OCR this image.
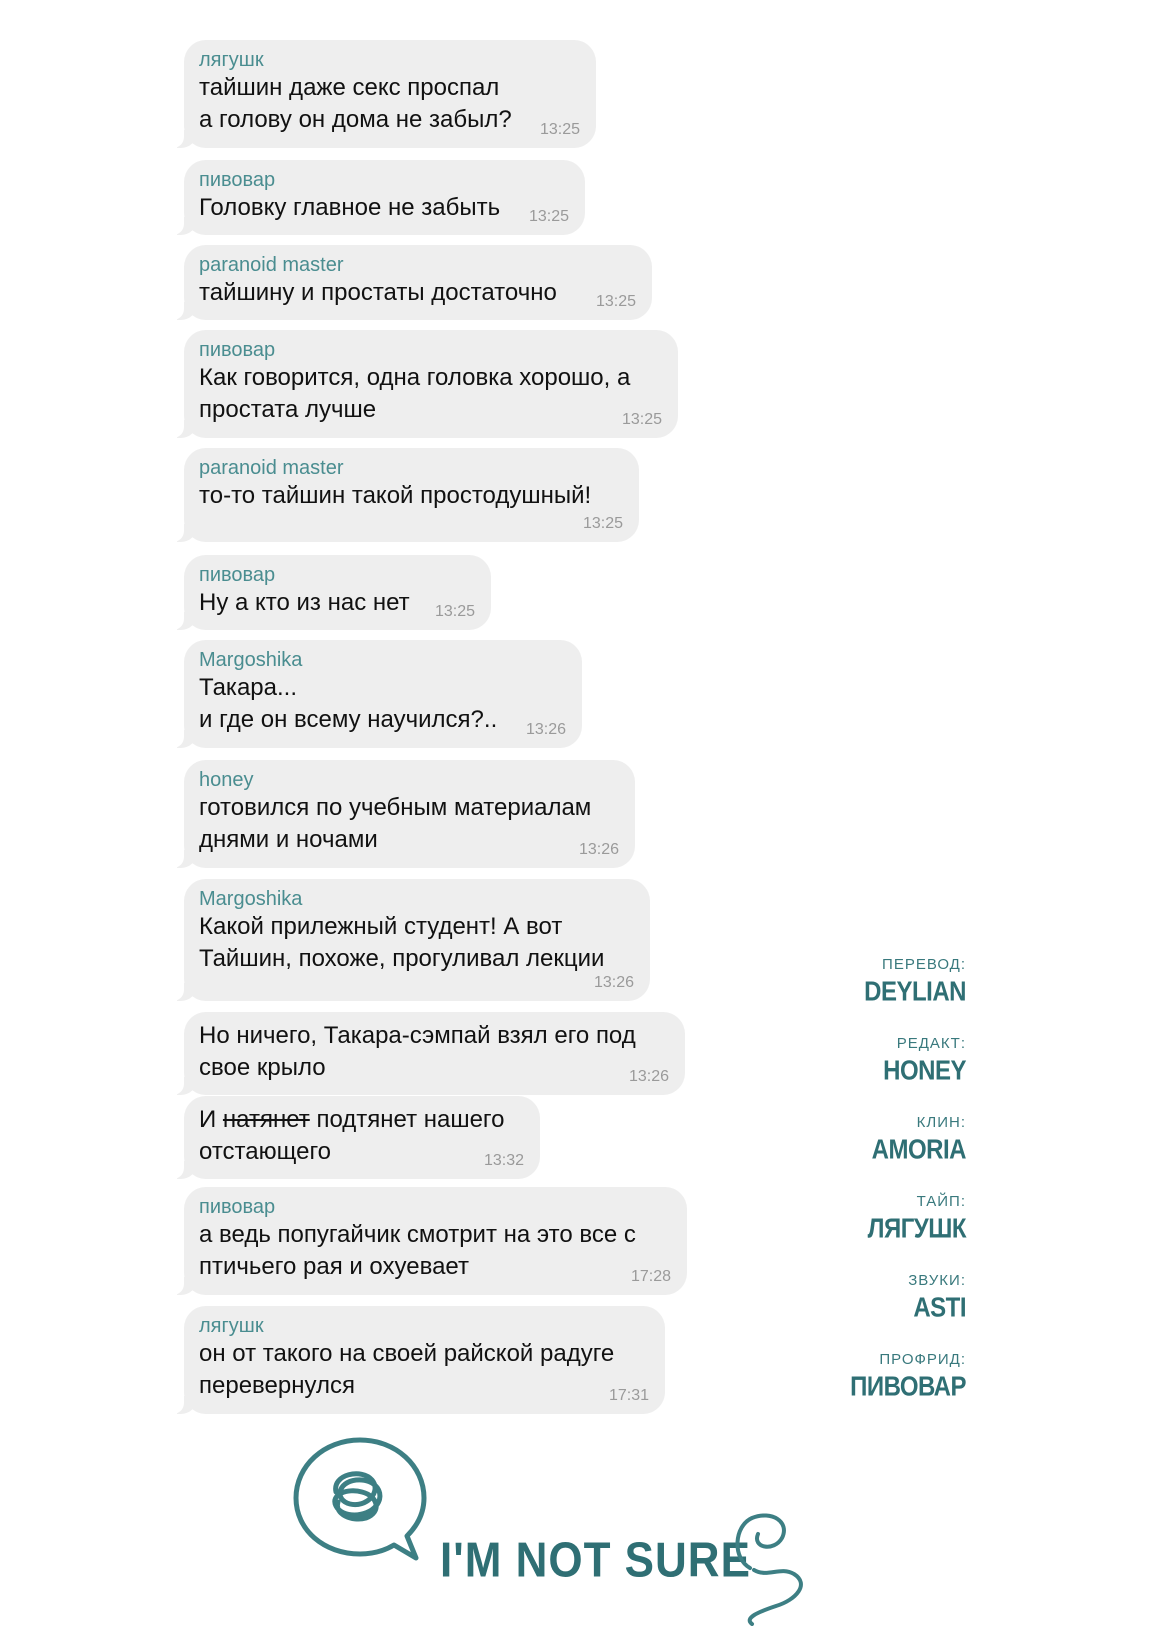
лягушк
тайшин даже секс проспал
а голову он дома не забыл?	13:25
пивовар
Головку главное не забыть	13:25
paranoid master
тайшину и простаты достаточно	13:25
пивовар
Как говорится, одна головка хорошо, а
простата лучше	13:25
paranoid master
то-то тайшин такой простодушный!
13:25
пивовар
Ну а кто из нас нет	13:25
Margoshika
Такара...
и где он всему научился?..	13:26
honey
готовился по учебным материалам
днями и ночами	13:26
Margoshika
Какой прилежный студент! А вот
Тайшин, похоже, прогуливал лекции
13:26
Но ничего, Такара-сэмпай взял его под
свое крыло	13:26
И натянет подтянет нашего
отстающего	13:32
пивовар
а ведь попугайчик смотрит на это все с
птичьего рая и охуевает	17:28
лягушк
он от такого на своей райской радуге
перевернулся	17:31
ПЕРЕВОД:
DEYLIAN
РЕДАКТ:
HONEY
КЛИН:
AMORIA
ТАЙП:
ЛЯГУШК
ЗВУКИ:
ASTI
ПРОФРИД:
ПИВОВАР
I'M NOT SURE
